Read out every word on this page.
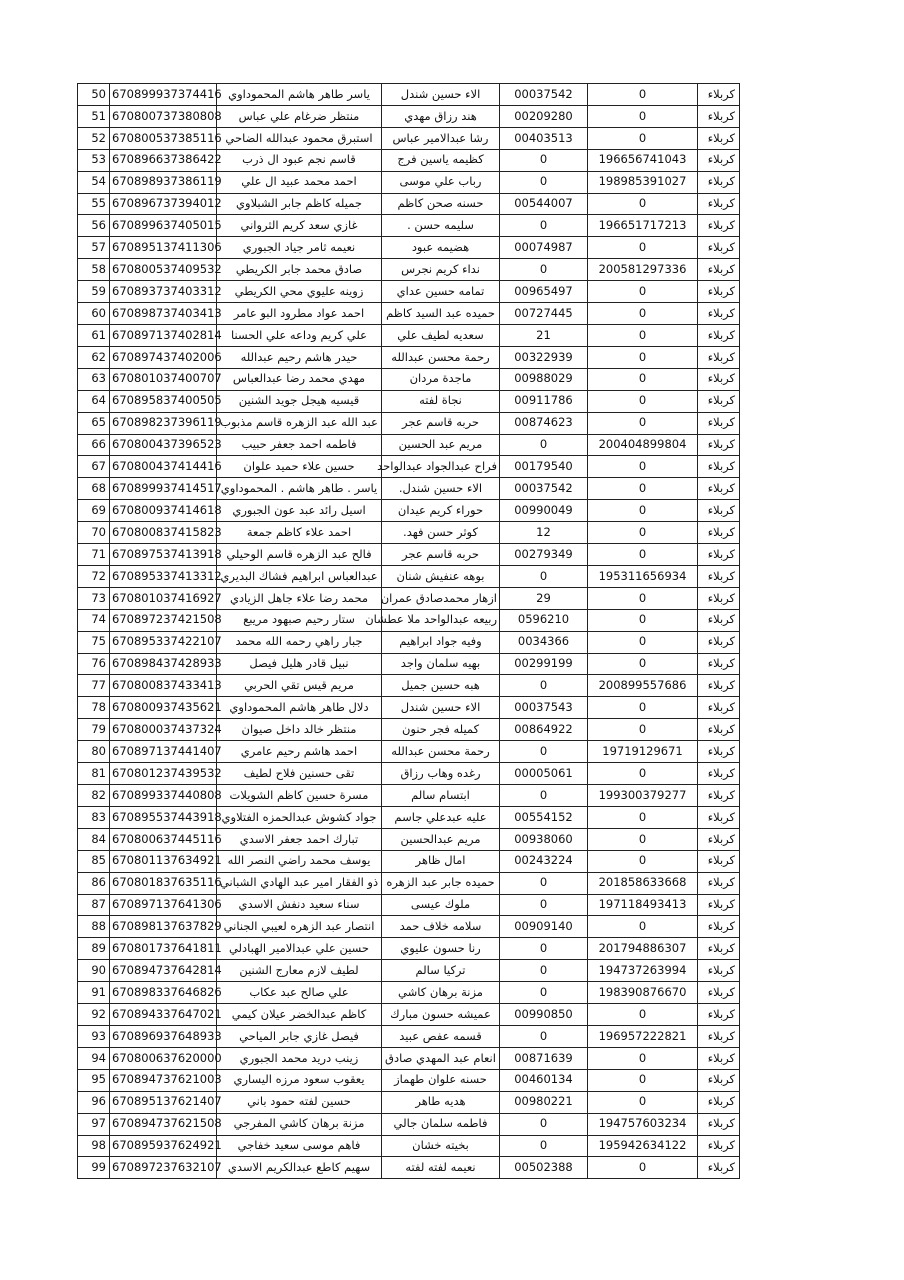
50	670899937374416	ياسر طاهر هاشم المحموداوي	الاء حسين شندل	00037542	0	كربلاء
51	670800737380808	منتظر ضرغام علي عباس	هند رزاق مهدي	00209280	0	كربلاء
52	670800537385116	استبرق محمود عبدالله الضاحي	رشا عبدالامير عباس	00403513	0	كربلاء
53	670896637386422	قاسم نجم عبود ال ذرب	كظيمه ياسين فرج	0	196656741043	كربلاء
54	670898937386119	احمد محمد عبيد ال علي	رباب علي موسى	0	198985391027	كربلاء
55	670896737394012	جميله كاظم جابر الشبلاوي	حسنه صحن كاظم	00544007	0	كربلاء
56	670899637405015	غازي سعد كريم الثرواني	سليمه حسن .	0	196651717213	كربلاء
57	670895137411306	نعيمه ثامر جياد الجبوري	هضيمه عبود	00074987	0	كربلاء
58	670800537409532	صادق محمد جابر الكريطي	نداء كريم نجرس	0	200581297336	كربلاء
59	670893737403312	زوينه عليوي محي الكريطي	تمامه حسين عداي	00965497	0	كربلاء
60	670898737403413	احمد عواد مطرود البو عامر	حميده عبد السيد كاظم	00727445	0	كربلاء
61	670897137402814	علي كريم وداعه علي الحسنا	سعديه لطيف علي	21	0	كربلاء
62	670897437402006	حيدر هاشم رحيم عبدالله	رحمة محسن عبدالله	00322939	0	كربلاء
63	670801037400707	مهدي محمد رضا عبدالعباس	ماجدة مردان	00988029	0	كربلاء
64	670895837400505	قيسيه هيجل جويد الشنين	نجاة لفته	00911786	0	كربلاء
65	670898237396119	عبد الله عبد الزهره قاسم مذبوب	حربه قاسم عجر	00874623	0	كربلاء
66	670800437396523	فاطمه احمد جعفر حبيب	مريم عبد الحسين	0	200404899804	كربلاء
67	670800437414416	حسين علاء حميد علوان	فراح عبدالجواد عبدالواحد	00179540	0	كربلاء
68	670899937414517	ياسر . طاهر هاشم . المحموداوي	الاء حسين شندل.	00037542	0	كربلاء
69	670800937414618	اسيل رائد عبد عون الجبوري	حوراء كريم عيدان	00990049	0	كربلاء
70	670800837415823	احمد علاء كاظم جمعة	كوثر حسن فهد.	12	0	كربلاء
71	670897537413918	فالح عبد الزهره قاسم الوحيلي	حربه قاسم عجر	00279349	0	كربلاء
72	670895337413312	عبدالعباس ابراهيم فشاك البديري	بوهه عنفيش شنان	0	195311656934	كربلاء
73	670801037416927	محمد رضا علاء جاهل الزيادي	ازهار محمدصادق عمران	29	0	كربلاء
74	670897237421508	ستار رحيم صبهود مريبع	ربيعه عبدالواحد ملا عطشان	0596210	0	كربلاء
75	670895337422107	جبار راهي رحمه الله محمد	وفيه جواد ابراهيم	0034366	0	كربلاء
76	670898437428933	نبيل قادر هليل فيصل	بهيه سلمان واجد	00299199	0	كربلاء
77	670800837433413	مريم قيس تقي الحربي	هبه حسين جميل	0	200899557686	كربلاء
78	670800937435621	دلال طاهر هاشم المحموداوي	الاء حسين شندل	00037543	0	كربلاء
79	670800037437324	منتظر خالد داخل صيوان	كميله فجر حنون	00864922	0	كربلاء
80	670897137441407	احمد هاشم رحيم عامري	رحمة محسن عبدالله	0	19719129671	كربلاء
81	670801237439532	تقى حسنين فلاح لطيف	رغده وهاب رزاق	00005061	0	كربلاء
82	670899337440808	مسرة حسين كاظم الشويلات	ابتسام سالم	0	199300379277	كربلاء
83	670895537443918	جواد كشوش عبدالحمزه الفتلاوي	عليه عبدعلي جاسم	00554152	0	كربلاء
84	670800637445116	تبارك احمد جعفر الاسدي	مريم عبدالحسين	00938060	0	كربلاء
85	670801137634921	يوسف محمد راضي النصر الله	امال ظاهر	00243224	0	كربلاء
86	670801837635116	ذو الفقار امير عبد الهادي الشباني	حميده جابر عبد الزهره	0	201858633668	كربلاء
87	670897137641306	سناء سعيد دنفش الاسدي	ملوك عيسى	0	197118493413	كربلاء
88	670898137637829	انتصار عبد الزهره لعيبي الجناني	سلامه خلاف حمد	00909140	0	كربلاء
89	670801737641811	حسين علي عبدالامير الهبادلي	رنا حسون عليوي	0	201794886307	كربلاء
90	670894737642814	لطيف لازم معارج الشنين	تركيا سالم	0	194737263994	كربلاء
91	670898337646826	علي صالح عبد عكاب	مزنة برهان كاشي	0	198390876670	كربلاء
92	670894337647021	كاظم عبدالخضر عيلان كيمي	عميشه حسون مبارك	00990850	0	كربلاء
93	670896937648933	فيصل غازي جابر المياحي	قسمه عفص عبيد	0	196957222821	كربلاء
94	670800637620000	زينب دريد محمد الجبوري	انعام عبد المهدي صادق	00871639	0	كربلاء
95	670894737621003	يعقوب سعود مرزه اليساري	حسنه علوان طهماز	00460134	0	كربلاء
96	670895137621407	حسين لفته حمود باني	هديه طاهر	00980221	0	كربلاء
97	670894737621508	مزنة برهان كاشي المفرجي	فاطمه سلمان جالي	0	194757603234	كربلاء
98	670895937624921	فاهم موسى سعيد خفاجي	بخيته خشان	0	195942634122	كربلاء
99	670897237632107	سهيم كاطع عبدالكريم الاسدي	نعيمه لفته لفته	00502388	0	كربلاء
